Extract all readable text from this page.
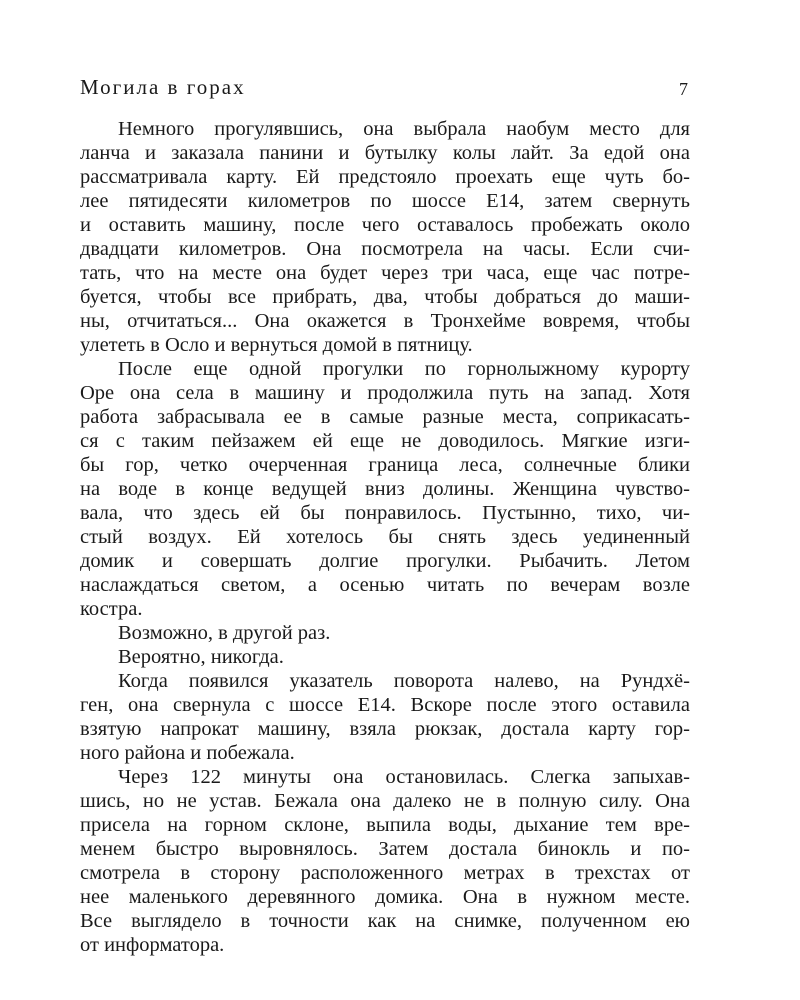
Могила в горах	7
Немного прогулявшись, она выбрала наобум место для
ланча и заказала панини и бутылку колы лайт. За едой она
рассматривала карту. Ей предстояло проехать еще чуть бо-
лее пятидесяти километров по шоссе Е14, затем свернуть
и оставить машину, после чего оставалось пробежать около
двадцати километров. Она посмотрела на часы. Если счи-
тать, что на месте она будет через три часа, еще час потре-
буется, чтобы все прибрать, два, чтобы добраться до маши-
ны, отчитаться... Она окажется в Тронхейме вовремя, чтобы
улететь в Осло и вернуться домой в пятницу.
После еще одной прогулки по горнолыжному курорту
Оре она села в машину и продолжила путь на запад. Хотя
работа забрасывала ее в самые разные места, соприкасать-
ся с таким пейзажем ей еще не доводилось. Мягкие изги-
бы гор, четко очерченная граница леса, солнечные блики
на воде в конце ведущей вниз долины. Женщина чувство-
вала, что здесь ей бы понравилось. Пустынно, тихо, чи-
стый воздух. Ей хотелось бы снять здесь уединенный
домик и совершать долгие прогулки. Рыбачить. Летом
наслаждаться светом, а осенью читать по вечерам возле
костра.
Возможно, в другой раз.
Вероятно, никогда.
Когда появился указатель поворота налево, на Рундхё-
ген, она свернула с шоссе Е14. Вскоре после этого оставила
взятую напрокат машину, взяла рюкзак, достала карту гор-
ного района и побежала.
Через 122 минуты она остановилась. Слегка запыхав-
шись, но не устав. Бежала она далеко не в полную силу. Она
присела на горном склоне, выпила воды, дыхание тем вре-
менем быстро выровнялось. Затем достала бинокль и по-
смотрела в сторону расположенного метрах в трехстах от
нее маленького деревянного домика. Она в нужном месте.
Все выглядело в точности как на снимке, полученном ею
от информатора.
